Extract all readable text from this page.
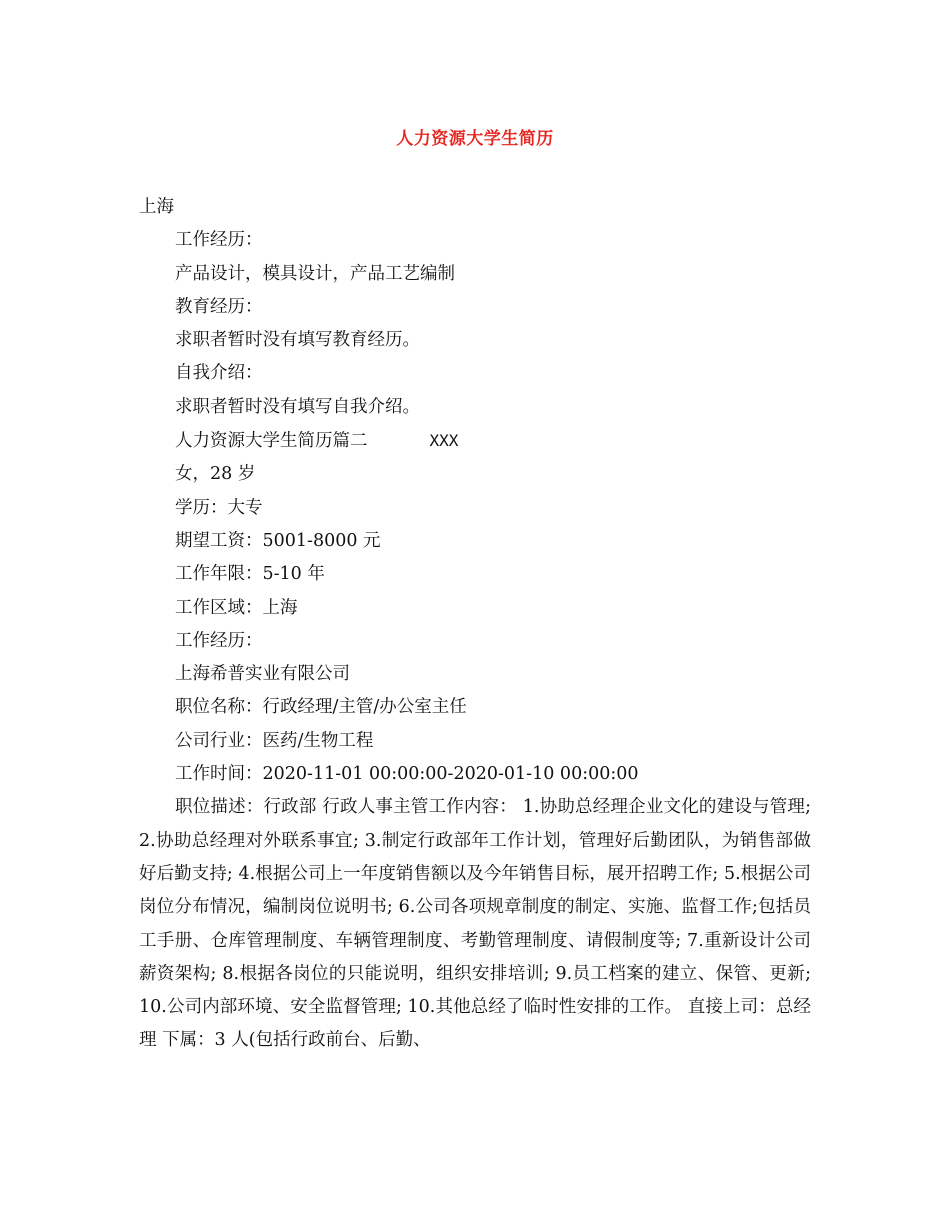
人力资源大学生简历

上海

工作经历：

产品设计，模具设计，产品工艺编制

教育经历：

求职者暂时没有填写教育经历。

自我介绍：

求职者暂时没有填写自我介绍。

人力资源大学生简历篇二	XXX

女，28 岁

学历：大专

期望工资：5001-8000 元

工作年限：5-10 年

工作区域：上海

工作经历：

上海希普实业有限公司

职位名称：行政经理/主管/办公室主任

公司行业：医药/生物工程

工作时间：2020-11-01 00:00:00-2020-01-10 00:00:00

职位描述：行政部 行政人事主管工作内容： 1.协助总经理企业文化的建设与管理; 2.协助总经理对外联系事宜; 3.制定行政部年工作计划，管理好后勤团队，为销售部做好后勤支持; 4.根据公司上一年度销售额以及今年销售目标，展开招聘工作; 5.根据公司岗位分布情况，编制岗位说明书; 6.公司各项规章制度的制定、实施、监督工作;包括员工手册、仓库管理制度、车辆管理制度、考勤管理制度、请假制度等; 7.重新设计公司薪资架构; 8.根据各岗位的只能说明，组织安排培训; 9.员工档案的建立、保管、更新; 10.公司内部环境、安全监督管理; 10.其他总经了临时性安排的工作。 直接上司：总经理 下属：3 人(包括行政前台、后勤、
